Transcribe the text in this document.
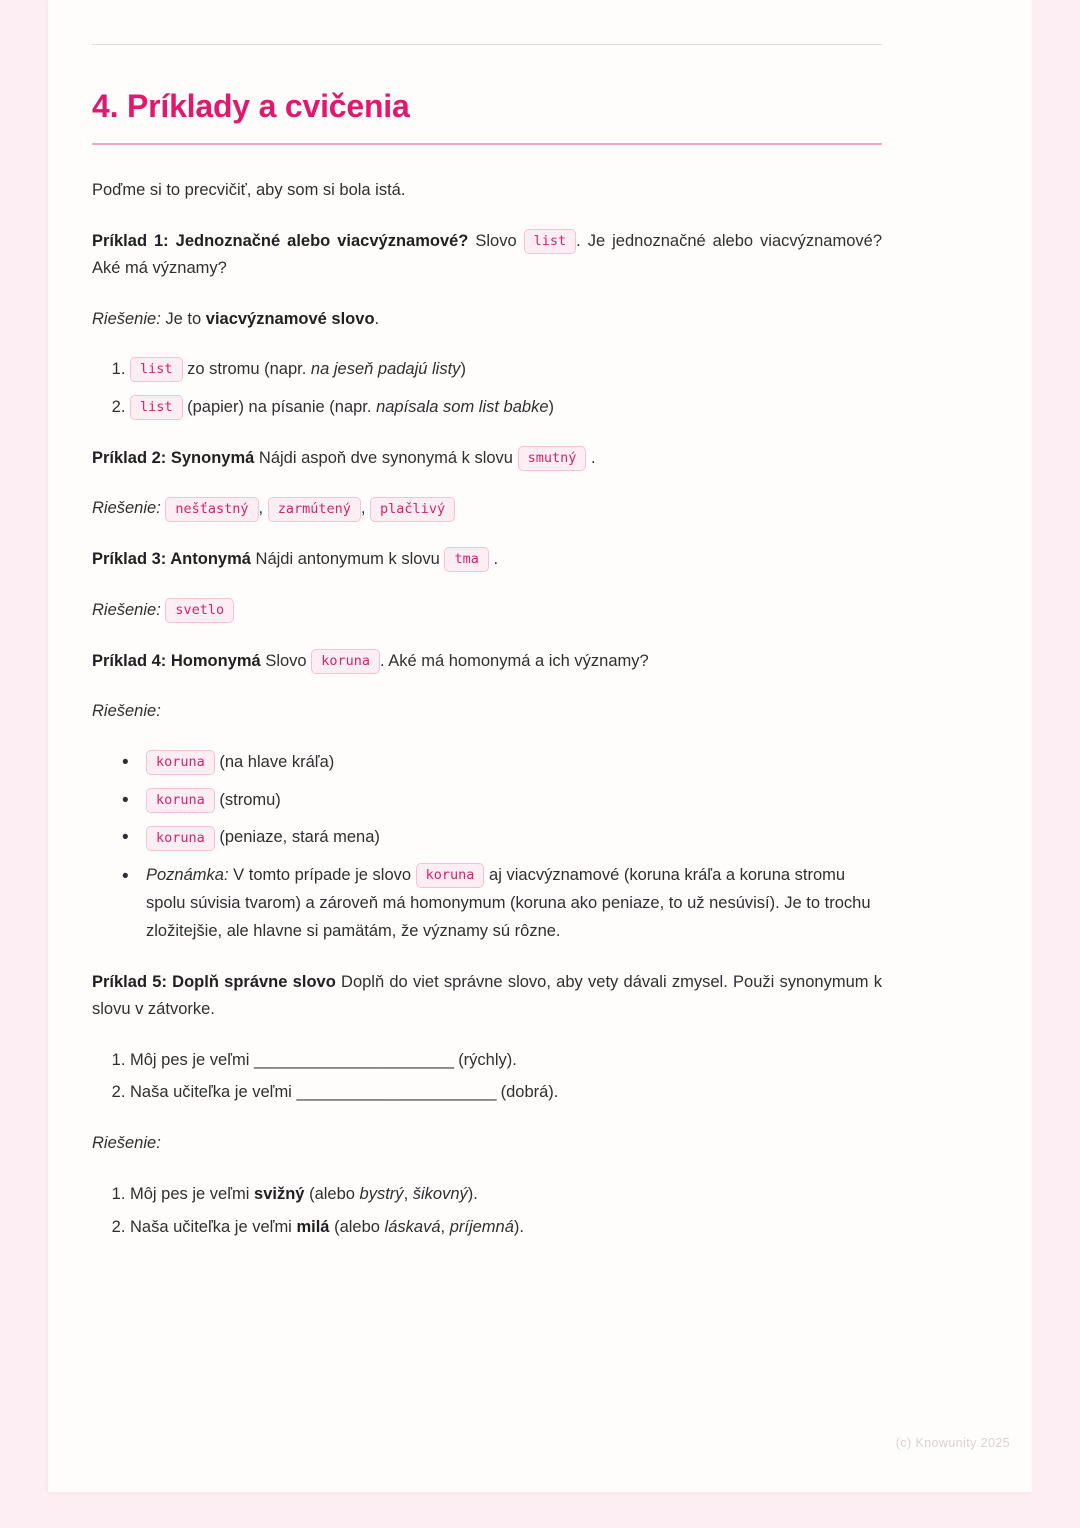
4. Príklady a cvičenia

Poďme si to precvičiť, aby som si bola istá.

Príklad 1: Jednoznačné alebo viacvýznamové? Slovo list . Je jednoznačné alebo viacvýznamové? Aké má významy?

Riešenie: Je to viacvýznamové slovo.

1. list zo stromu (napr. na jeseň padajú listy)
2. list (papier) na písanie (napr. napísala som list babke)

Príklad 2: Synonymá Nájdi aspoň dve synonymá k slovu smutný .

Riešenie: nešťastný , zarmútený , plačlivý

Príklad 3: Antonymá Nájdi antonymum k slovu tma .

Riešenie: svetlo

Príklad 4: Homonymá Slovo koruna . Aké má homonymá a ich významy?

Riešenie:

• koruna (na hlave kráľa)
• koruna (stromu)
• koruna (peniaze, stará mena)
• Poznámka: V tomto prípade je slovo koruna aj viacvýznamové (koruna kráľa a koruna stromu spolu súvisia tvarom) a zároveň má homonymum (koruna ako peniaze, to už nesúvisí). Je to trochu zložitejšie, ale hlavne si pamätám, že významy sú rôzne.

Príklad 5: Doplň správne slovo Doplň do viet správne slovo, aby vety dávali zmysel. Použi synonymum k slovu v zátvorke.

1. Môj pes je veľmi _______________________ (rýchly).
2. Naša učiteľka je veľmi _______________________ (dobrá).

Riešenie:

1. Môj pes je veľmi svižný (alebo bystrý, šikovný).
2. Naša učiteľka je veľmi milá (alebo láskavá, príjemná).
(c) Knowunity 2025
